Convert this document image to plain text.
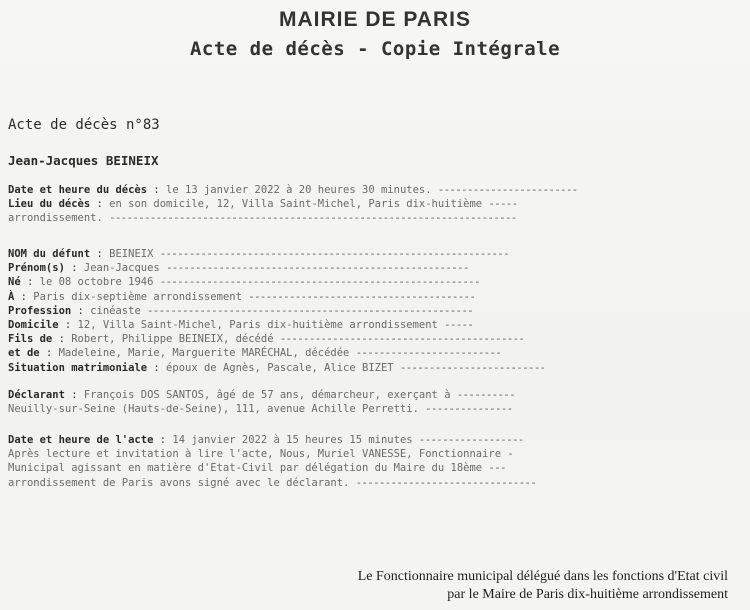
MAIRIE DE PARIS
Acte de décès - Copie Intégrale
Acte de décès n°83
Jean-Jacques BEINEIX
Date et heure du décès : le 13 janvier 2022 à 20 heures 30 minutes. ------------------------
Lieu du décès : en son domicile, 12, Villa Saint-Michel, Paris dix-huitième -----
arrondissement. ----------------------------------------------------------------------
NOM du défunt : BEINEIX ------------------------------------------------------------
Prénom(s) : Jean-Jacques ----------------------------------------------------
Né : le 08 octobre 1946 -------------------------------------------------------
À : Paris dix-septième arrondissement ---------------------------------------
Profession : cinéaste --------------------------------------------------------
Domicile : 12, Villa Saint-Michel, Paris dix-huitième arrondissement -----
Fils de : Robert, Philippe BEINEIX, décédé ------------------------------------------
et de : Madeleine, Marie, Marguerite MARÉCHAL, décédée -------------------------
Situation matrimoniale : époux de Agnès, Pascale, Alice BIZET -------------------------
Déclarant : François DOS SANTOS, âgé de 57 ans, démarcheur, exerçant à ----------
Neuilly-sur-Seine (Hauts-de-Seine), 111, avenue Achille Perretti. ---------------
Date et heure de l'acte : 14 janvier 2022 à 15 heures 15 minutes ------------------
Après lecture et invitation à lire l'acte, Nous, Muriel VANESSE, Fonctionnaire -
Municipal agissant en matière d'Etat-Civil par délégation du Maire du 18ème ---
arrondissement de Paris avons signé avec le déclarant. -------------------------------
Le Fonctionnaire municipal délégué dans les fonctions d'Etat civil
par le Maire de Paris dix-huitième arrondissement
